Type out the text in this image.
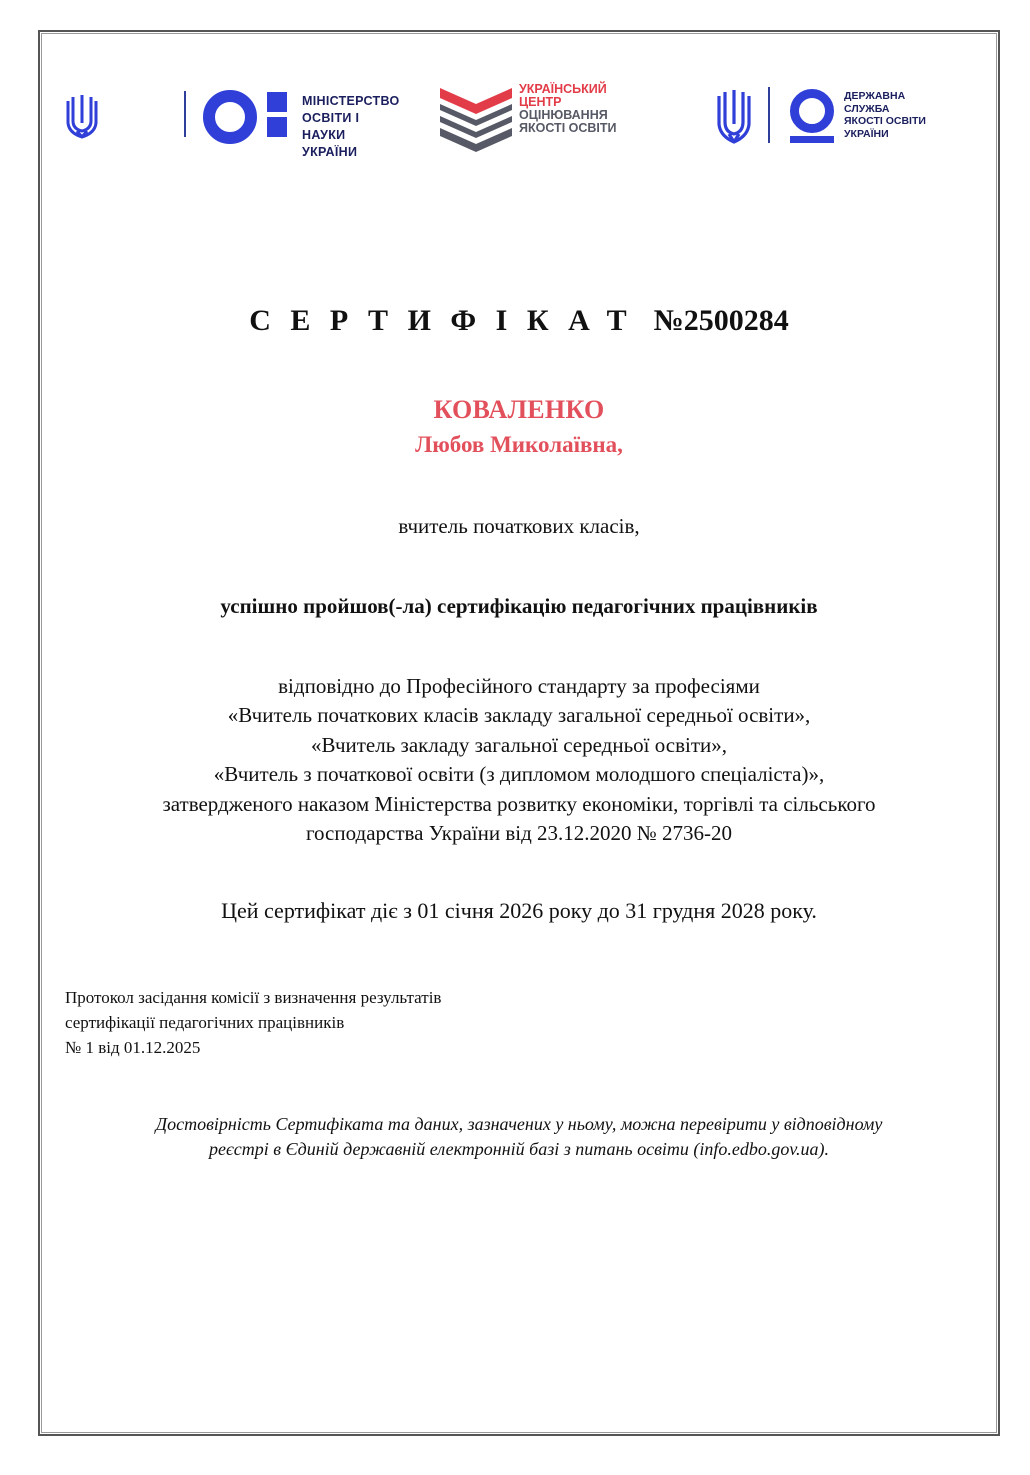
МІНІСТЕРСТВО
ОСВІТИ І НАУКИ
УКРАЇНИ
УКРАЇНСЬКИЙ
ЦЕНТР
ОЦІНЮВАННЯ
ЯКОСТІ ОСВІТИ
ДЕРЖАВНА
СЛУЖБА
ЯКОСТІ ОСВІТИ
УКРАЇНИ
СЕРТИФІКАТ №2500284
КОВАЛЕНКО
Любов Миколаївна,
вчитель початкових класів,
успішно пройшов(-ла) сертифікацію педагогічних працівників
відповідно до Професійного стандарту за професіями
«Вчитель початкових класів закладу загальної середньої освіти»,
«Вчитель закладу загальної середньої освіти»,
«Вчитель з початкової освіти (з дипломом молодшого спеціаліста)»,
затвердженого наказом Міністерства розвитку економіки, торгівлі та сільського
господарства України від 23.12.2020 № 2736-20
Цей сертифікат діє з 01 січня 2026 року до 31 грудня 2028 року.
Протокол засідання комісії з визначення результатів
сертифікації педагогічних працівників
№ 1 від 01.12.2025
Достовірність Сертифіката та даних, зазначених у ньому, можна перевірити у відповідному
реєстрі в Єдиній державній електронній базі з питань освіти (info.edbo.gov.ua).
